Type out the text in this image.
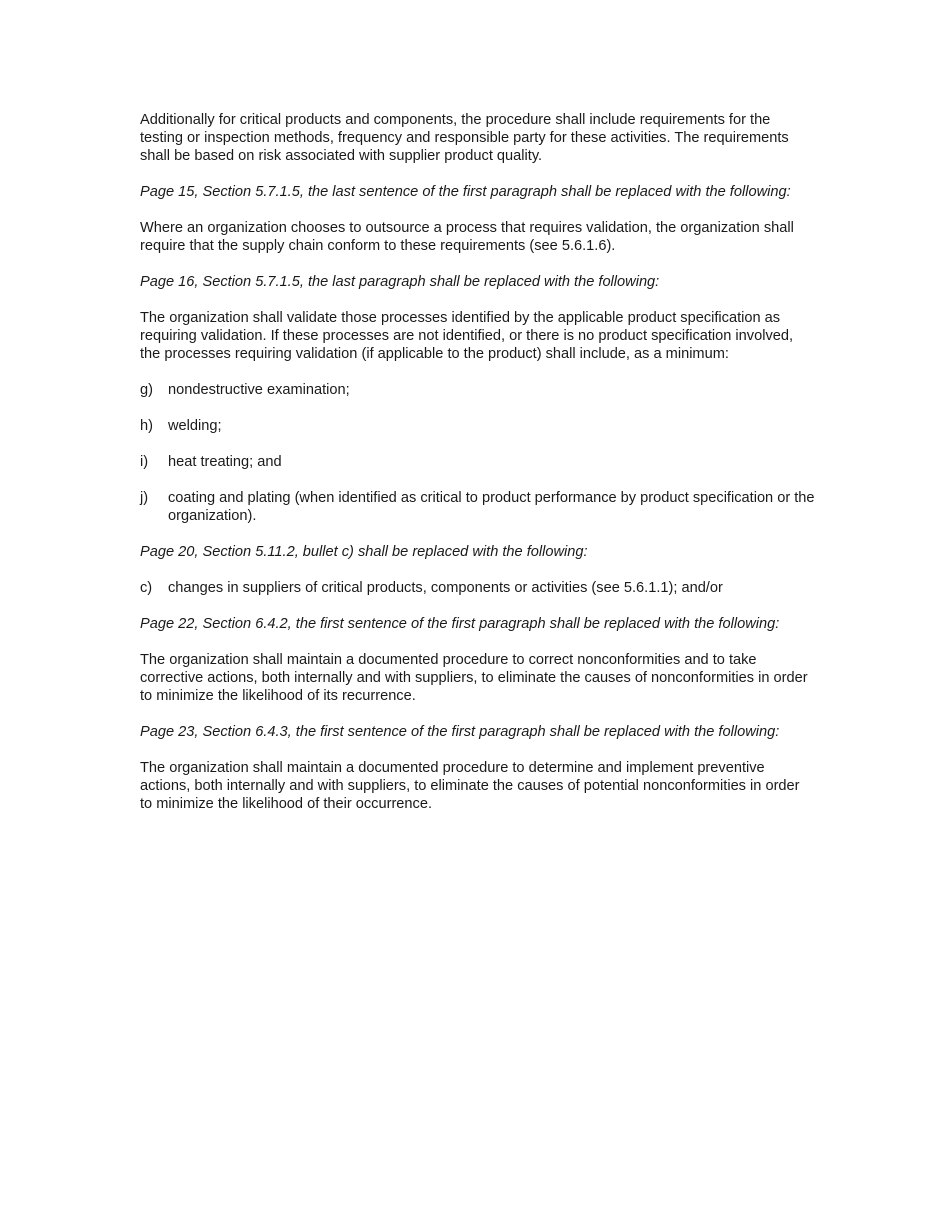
Additionally for critical products and components, the procedure shall include requirements for the testing or inspection methods, frequency and responsible party for these activities. The requirements shall be based on risk associated with supplier product quality.

Page 15, Section 5.7.1.5, the last sentence of the first paragraph shall be replaced with the following:

Where an organization chooses to outsource a process that requires validation, the organization shall require that the supply chain conform to these requirements (see 5.6.1.6).

Page 16, Section 5.7.1.5, the last paragraph shall be replaced with the following:

The organization shall validate those processes identified by the applicable product specification as requiring validation. If these processes are not identified, or there is no product specification involved, the processes requiring validation (if applicable to the product) shall include, as a minimum:

g)	nondestructive examination;
h)	welding;
i)	heat treating; and
j)	coating and plating (when identified as critical to product performance by product specification or the organization).

Page 20, Section 5.11.2, bullet c) shall be replaced with the following:

c)	changes in suppliers of critical products, components or activities (see 5.6.1.1); and/or

Page 22, Section 6.4.2, the first sentence of the first paragraph shall be replaced with the following:

The organization shall maintain a documented procedure to correct nonconformities and to take corrective actions, both internally and with suppliers, to eliminate the causes of nonconformities in order to minimize the likelihood of its recurrence.

Page 23, Section 6.4.3, the first sentence of the first paragraph shall be replaced with the following:

The organization shall maintain a documented procedure to determine and implement preventive actions, both internally and with suppliers, to eliminate the causes of potential nonconformities in order to minimize the likelihood of their occurrence.
